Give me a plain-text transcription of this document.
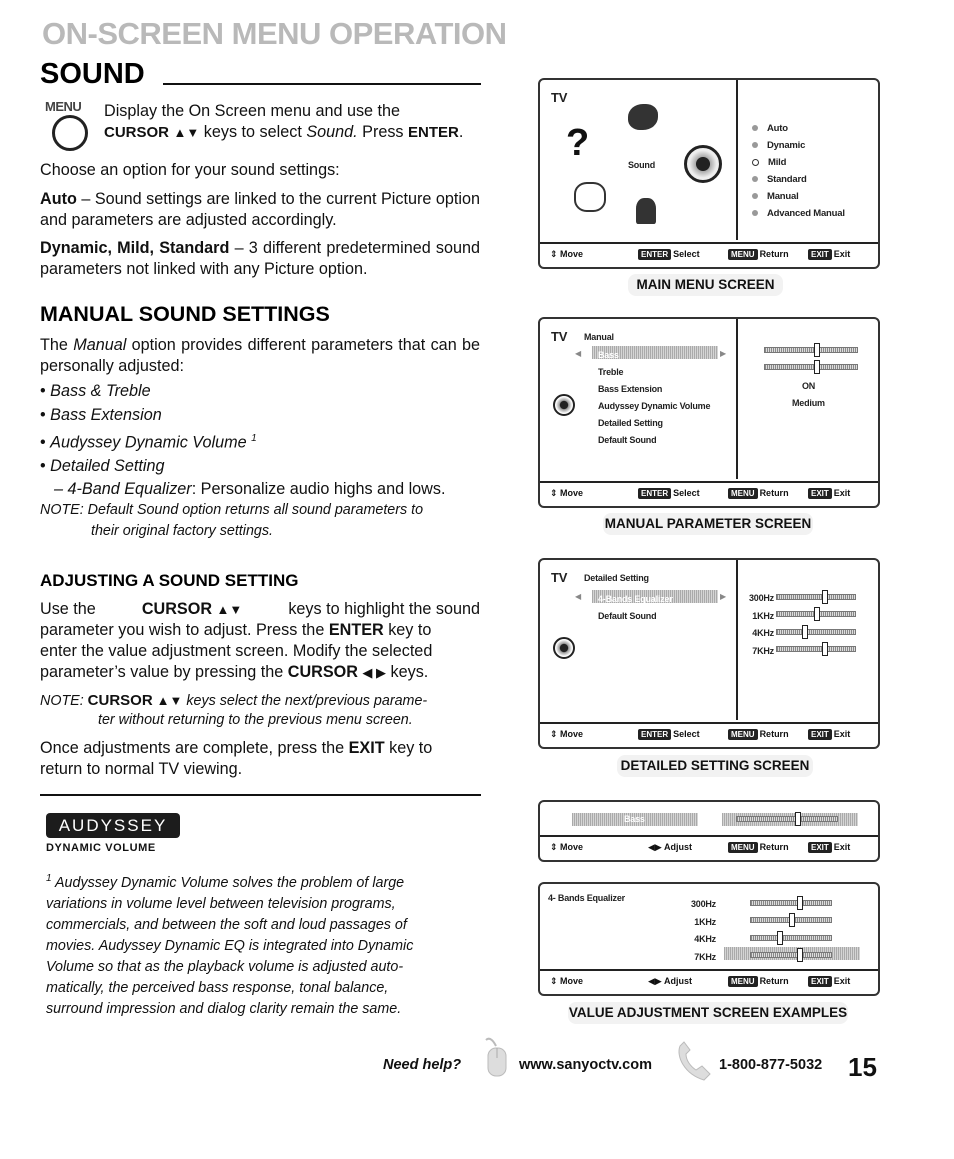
ON-SCREEN MENU OPERATION
SOUND
MENU Display the On Screen menu and use the
CURSOR ▲▼ keys to select Sound. Press ENTER.
Choose an option for your sound settings:
Auto – Sound settings are linked to the current Picture option and parameters are adjusted accordingly.
Dynamic, Mild, Standard – 3 different predetermined sound parameters not linked with any Picture option.
MANUAL SOUND SETTINGS
The Manual option provides different parameters that can be personally adjusted:
• Bass & Treble
• Bass Extension
• Audyssey Dynamic Volume $^1$
• Detailed Setting
– 4-Band Equalizer: Personalize audio highs and lows.
NOTE: Default Sound option returns all sound parameters to
their original factory settings.
ADJUSTING A SOUND SETTING
Use the	CURSOR ▲▼	keys to highlight the sound
parameter you wish to adjust. Press the ENTER key to
enter the value adjustment screen. Modify the selected
parameter’s value by pressing the CURSOR ◀ ▶ keys.
NOTE: CURSOR ▲▼ keys select the next/previous parame-
ter without returning to the previous menu screen.
Once adjustments are complete, press the EXIT key to
return to normal TV viewing.
AUDYSSEY
DYNAMIC VOLUME
$^1$ Audyssey Dynamic Volume solves the problem of large
variations in volume level between television programs,
commercials, and between the soft and loud passages of
movies. Audyssey Dynamic EQ is integrated into Dynamic
Volume so that as the playback volume is adjusted auto-
matically, the perceived bass response, tonal balance,
surround impression and dialog clarity remain the same.
TV
?
Sound
Auto
Dynamic
Mild
Standard
Manual
Advanced Manual
⇕ Move	ENTER Select	MENU Return	EXIT Exit
MAIN MENU SCREEN
TV Manual
◀	▶
Bass
Treble
Bass Extension
Audyssey Dynamic Volume
Detailed Setting
Default Sound
ON
Medium
⇕ Move	ENTER Select	MENU Return	EXIT Exit
MANUAL PARAMETER SCREEN
TV Detailed Setting
◀	▶
4-Bands Equalizer
Default Sound
300Hz
1KHz
4KHz
7KHz
⇕ Move	ENTER Select	MENU Return	EXIT Exit
DETAILED SETTING SCREEN
Bass
⇕ Move	◀▶ Adjust	MENU Return	EXIT Exit
4- Bands Equalizer
300Hz
1KHz
4KHz
7KHz
⇕ Move	◀▶ Adjust	MENU Return	EXIT Exit
VALUE ADJUSTMENT SCREEN EXAMPLES
Need help?	www.sanyoctv.com	1-800-877-5032 15
